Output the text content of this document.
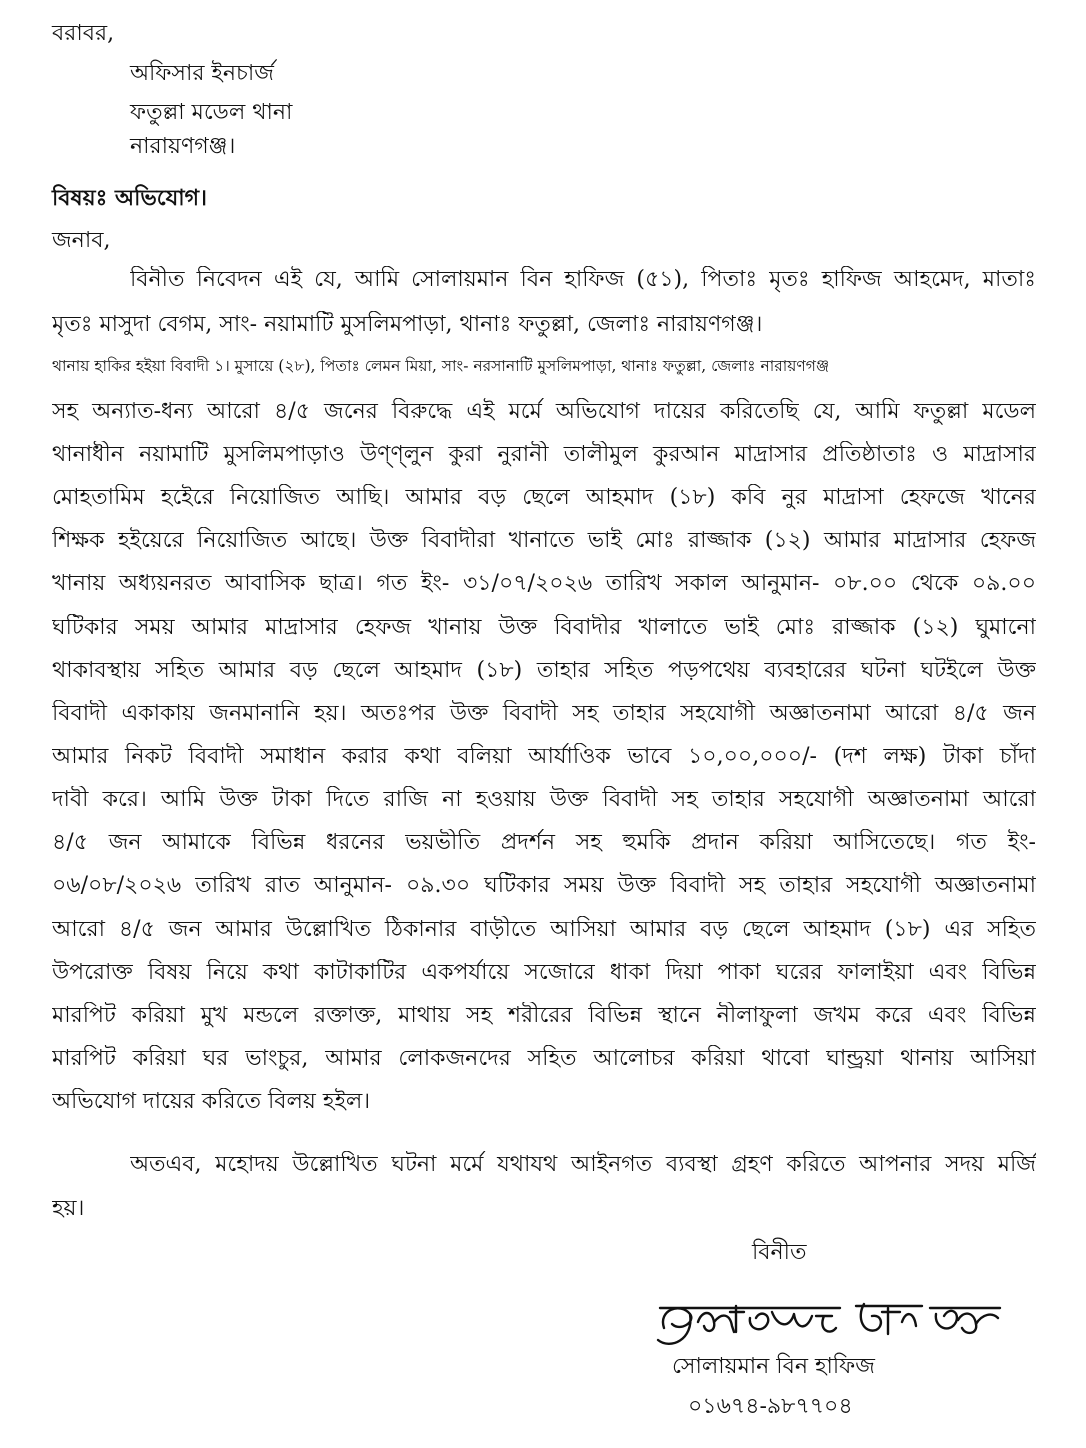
বরাবর,
অফিসার ইনচার্জ
ফতুল্লা মডেল থানা
নারায়ণগঞ্জ।
বিষয়ঃ অভিযোগ।
জনাব,
বিনীত নিবেদন এই যে, আমি সোলায়মান বিন হাফিজ (৫১), পিতাঃ মৃতঃ হাফিজ আহমেদ, মাতাঃ
মৃতঃ মাসুদা বেগম, সাং- নয়ামাটি মুসলিমপাড়া, থানাঃ ফতুল্লা, জেলাঃ নারায়ণগঞ্জ।
থানায় হাকির হইয়া বিবাদী ১। মুসায়ে (২৮), পিতাঃ লেমন মিয়া, সাং- নরসানাটি মুসলিমপাড়া, থানাঃ ফতুল্লা, জেলাঃ নারায়ণগঞ্জ
সহ অন্যাত-ধন্য আরো ৪/৫ জনের বিরুদ্ধে এই মর্মে অভিযোগ দায়ের করিতেছি যে, আমি ফতুল্লা মডেল
থানাধীন নয়ামাটি মুসলিমপাড়াও উণ্ণ্লুন কুরা নুরানী তালীমুল কুরআন মাদ্রাসার প্রতিষ্ঠাতাঃ ও মাদ্রাসার
মোহতামিম হইেরে নিয়োজিত আছি। আমার বড় ছেলে আহমাদ (১৮) কবি নুর মাদ্রাসা হেফজে খানের
শিক্ষক হইয়েরে নিয়োজিত আছে। উক্ত বিবাদীরা খানাতে ভাই মোঃ রাজ্জাক (১২) আমার মাদ্রাসার হেফজ
খানায় অধ্যয়নরত আবাসিক ছাত্র। গত ইং- ৩১/০৭/২০২৬ তারিখ সকাল আনুমান- ০৮.০০ থেকে ০৯.০০
ঘটিকার সময় আমার মাদ্রাসার হেফজ খানায় উক্ত বিবাদীর খালাতে ভাই মোঃ রাজ্জাক (১২) ঘুমানো
থাকাবস্থায় সহিত আমার বড় ছেলে আহমাদ (১৮) তাহার সহিত পড়পথেয় ব্যবহারের ঘটনা ঘটইলে উক্ত
বিবাদী একাকায় জনমানানি হয়। অতঃপর উক্ত বিবাদী সহ তাহার সহযোগী অজ্ঞাতনামা আরো ৪/৫ জন
আমার নিকট বিবাদী সমাধান করার কথা বলিয়া আর্যাওিক ভাবে ১০,০০,০০০/- (দশ লক্ষ) টাকা চাঁদা
দাবী করে। আমি উক্ত টাকা দিতে রাজি না হওয়ায় উক্ত বিবাদী সহ তাহার সহযোগী অজ্ঞাতনামা আরো
৪/৫ জন আমাকে বিভিন্ন ধরনের ভয়ভীতি প্রদর্শন সহ হুমকি প্রদান করিয়া আসিতেছে। গত ইং-
০৬/০৮/২০২৬ তারিখ রাত আনুমান- ০৯.৩০ ঘটিকার সময় উক্ত বিবাদী সহ তাহার সহযোগী অজ্ঞাতনামা
আরো ৪/৫ জন আমার উল্লোখিত ঠিকানার বাড়ীতে আসিয়া আমার বড় ছেলে আহমাদ (১৮) এর সহিত
উপরোক্ত বিষয় নিয়ে কথা কাটাকাটির একপর্যায়ে সজোরে ধাকা দিয়া পাকা ঘরের ফালাইয়া এবং বিভিন্ন
মারপিট করিয়া মুখ মন্ডলে রক্তাক্ত, মাথায় সহ শরীরের বিভিন্ন স্থানে নীলাফুলা জখম করে এবং বিভিন্ন
মারপিট করিয়া ঘর ভাংচুর, আমার লোকজনদের সহিত আলোচর করিয়া থাবো ঘান্ড্রয়া থানায় আসিয়া
অভিযোগ দায়ের করিতে বিলয় হইল।
অতএব, মহোদয় উল্লোখিত ঘটনা মর্মে যথাযথ আইনগত ব্যবস্থা গ্রহণ করিতে আপনার সদয় মর্জি
হয়।
বিনীত
সোলায়মান বিন হাফিজ
০১৬৭৪-৯৮৭৭০৪
